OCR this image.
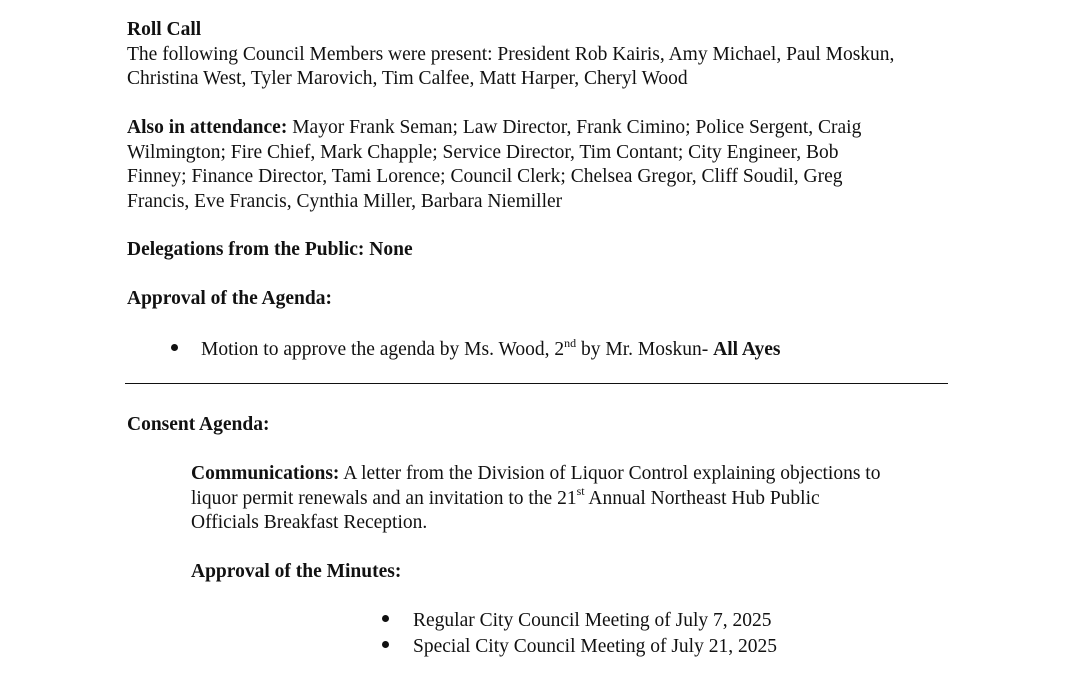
Roll Call
The following Council Members were present: President Rob Kairis, Amy Michael, Paul Moskun,
Christina West, Tyler Marovich, Tim Calfee, Matt Harper, Cheryl Wood
Also in attendance: Mayor Frank Seman; Law Director, Frank Cimino; Police Sergent, Craig
Wilmington; Fire Chief, Mark Chapple; Service Director, Tim Contant; City Engineer, Bob
Finney; Finance Director, Tami Lorence; Council Clerk; Chelsea Gregor, Cliff Soudil, Greg
Francis, Eve Francis, Cynthia Miller, Barbara Niemiller
Delegations from the Public: None
Approval of the Agenda:
Motion to approve the agenda by Ms. Wood, 2nd by Mr. Moskun- All Ayes
Consent Agenda:
Communications: A letter from the Division of Liquor Control explaining objections to
liquor permit renewals and an invitation to the 21st Annual Northeast Hub Public
Officials Breakfast Reception.
Approval of the Minutes:
Regular City Council Meeting of July 7, 2025
Special City Council Meeting of July 21, 2025
